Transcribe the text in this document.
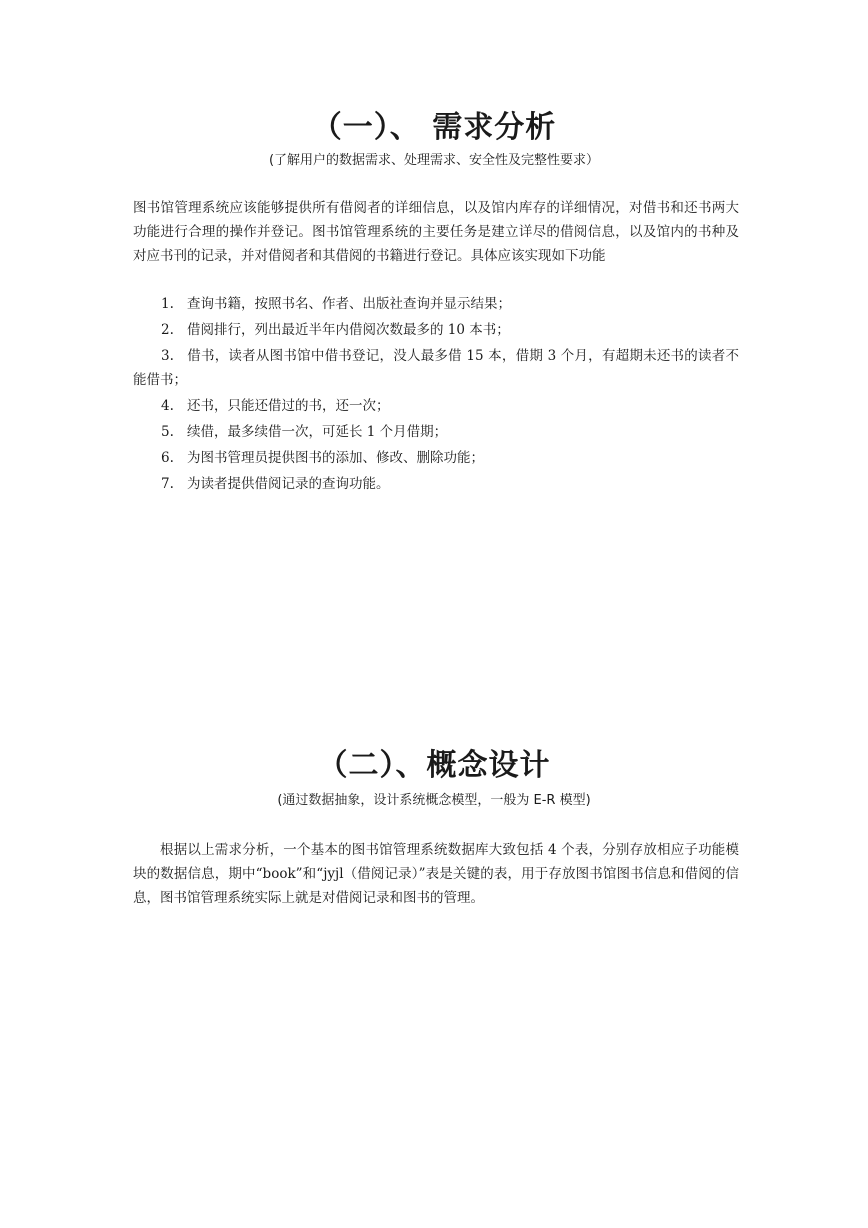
（一）、 需求分析

(了解用户的数据需求、处理需求、安全性及完整性要求）

图书馆管理系统应该能够提供所有借阅者的详细信息，以及馆内库存的详细情况，对借书和还书两大功能进行合理的操作并登记。图书馆管理系统的主要任务是建立详尽的借阅信息，以及馆内的书种及对应书刊的记录，并对借阅者和其借阅的书籍进行登记。具体应该实现如下功能

1. 查询书籍，按照书名、作者、出版社查询并显示结果；
2. 借阅排行，列出最近半年内借阅次数最多的 10 本书；
3. 借书，读者从图书馆中借书登记，没人最多借 15 本，借期 3 个月，有超期未还书的读者不能借书；
4. 还书，只能还借过的书，还一次；
5. 续借，最多续借一次，可延长 1 个月借期；
6. 为图书管理员提供图书的添加、修改、删除功能；
7. 为读者提供借阅记录的查询功能。
（二）、概念设计

(通过数据抽象，设计系统概念模型，一般为 E-R 模型)

根据以上需求分析，一个基本的图书馆管理系统数据库大致包括 4 个表，分别存放相应子功能模块的数据信息，期中“book”和“jyjl（借阅记录）”表是关键的表，用于存放图书馆图书信息和借阅的信息，图书馆管理系统实际上就是对借阅记录和图书的管理。
